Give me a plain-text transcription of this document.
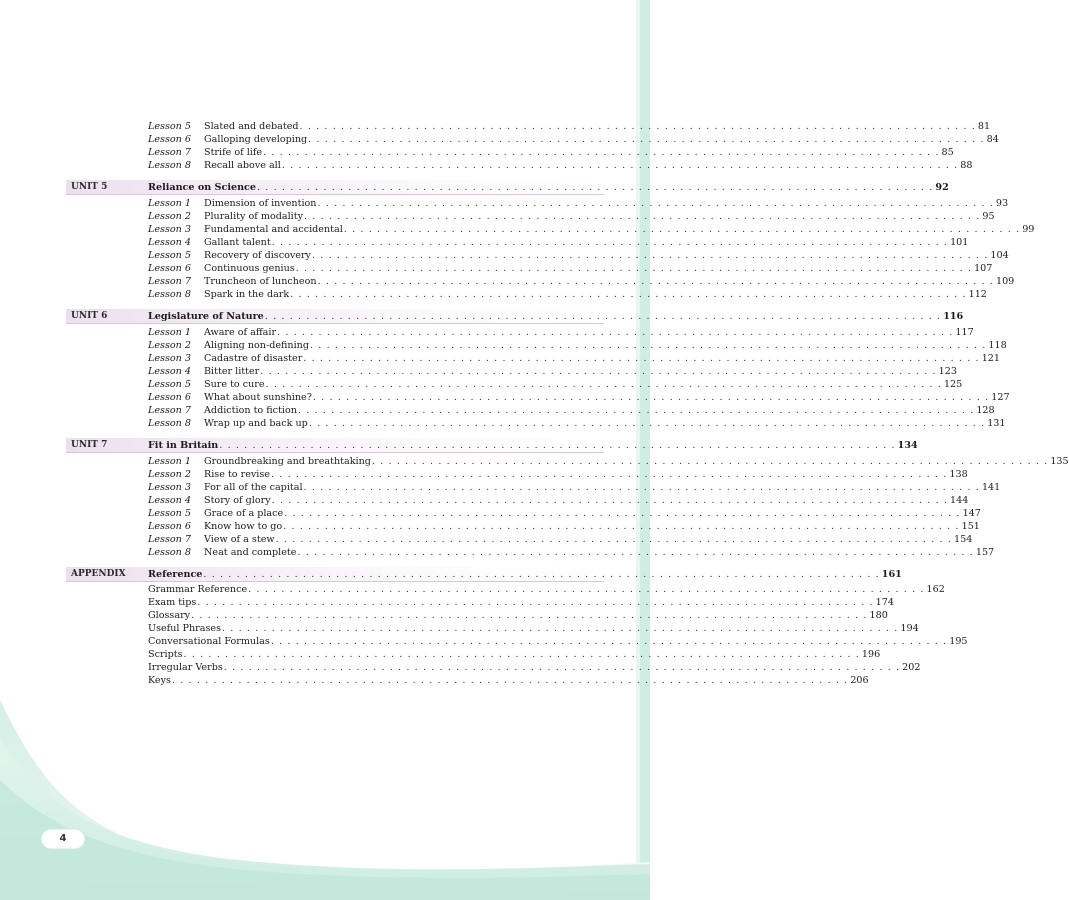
4
Lesson 5	Slated and debated . . . . . . . . . . . . . . . . . . . . . . . . . . . . . . . . . . . . . . . . . . . . . . . . . . . . . . . . . . . . . . . . . . . . . . . . . . . . . . . . . . 81
Lesson 6	Galloping developing . . . . . . . . . . . . . . . . . . . . . . . . . . . . . . . . . . . . . . . . . . . . . . . . . . . . . . . . . . . . . . . . . . . . . . . . . . . . . . . . . . 84
Lesson 7	Strife of life . . . . . . . . . . . . . . . . . . . . . . . . . . . . . . . . . . . . . . . . . . . . . . . . . . . . . . . . . . . . . . . . . . . . . . . . . . . . . . . . . . 85
Lesson 8	Recall above all . . . . . . . . . . . . . . . . . . . . . . . . . . . . . . . . . . . . . . . . . . . . . . . . . . . . . . . . . . . . . . . . . . . . . . . . . . . . . . . . . . 88
UNIT 5	Reliance on Science . . . . . . . . . . . . . . . . . . . . . . . . . . . . . . . . . . . . . . . . . . . . . . . . . . . . . . . . . . . . . . . . . . . . . . . . . . . . . . . . . . 92
Lesson 1	Dimension of invention . . . . . . . . . . . . . . . . . . . . . . . . . . . . . . . . . . . . . . . . . . . . . . . . . . . . . . . . . . . . . . . . . . . . . . . . . . . . . . . . . . 93
Lesson 2	Plurality of modality . . . . . . . . . . . . . . . . . . . . . . . . . . . . . . . . . . . . . . . . . . . . . . . . . . . . . . . . . . . . . . . . . . . . . . . . . . . . . . . . . . 95
Lesson 3	Fundamental and accidental . . . . . . . . . . . . . . . . . . . . . . . . . . . . . . . . . . . . . . . . . . . . . . . . . . . . . . . . . . . . . . . . . . . . . . . . . . . . . . . . . . 99
Lesson 4	Gallant talent . . . . . . . . . . . . . . . . . . . . . . . . . . . . . . . . . . . . . . . . . . . . . . . . . . . . . . . . . . . . . . . . . . . . . . . . . . . . . . . . . . 101
Lesson 5	Recovery of discovery . . . . . . . . . . . . . . . . . . . . . . . . . . . . . . . . . . . . . . . . . . . . . . . . . . . . . . . . . . . . . . . . . . . . . . . . . . . . . . . . . . 104
Lesson 6	Continuous genius . . . . . . . . . . . . . . . . . . . . . . . . . . . . . . . . . . . . . . . . . . . . . . . . . . . . . . . . . . . . . . . . . . . . . . . . . . . . . . . . . . 107
Lesson 7	Truncheon of luncheon . . . . . . . . . . . . . . . . . . . . . . . . . . . . . . . . . . . . . . . . . . . . . . . . . . . . . . . . . . . . . . . . . . . . . . . . . . . . . . . . . . 109
Lesson 8	Spark in the dark . . . . . . . . . . . . . . . . . . . . . . . . . . . . . . . . . . . . . . . . . . . . . . . . . . . . . . . . . . . . . . . . . . . . . . . . . . . . . . . . . . 112
UNIT 6	Legislature of Nature . . . . . . . . . . . . . . . . . . . . . . . . . . . . . . . . . . . . . . . . . . . . . . . . . . . . . . . . . . . . . . . . . . . . . . . . . . . . . . . . . . 116
Lesson 1	Aware of affair . . . . . . . . . . . . . . . . . . . . . . . . . . . . . . . . . . . . . . . . . . . . . . . . . . . . . . . . . . . . . . . . . . . . . . . . . . . . . . . . . . 117
Lesson 2	Aligning non-defining . . . . . . . . . . . . . . . . . . . . . . . . . . . . . . . . . . . . . . . . . . . . . . . . . . . . . . . . . . . . . . . . . . . . . . . . . . . . . . . . . . 118
Lesson 3	Cadastre of disaster . . . . . . . . . . . . . . . . . . . . . . . . . . . . . . . . . . . . . . . . . . . . . . . . . . . . . . . . . . . . . . . . . . . . . . . . . . . . . . . . . . 121
Lesson 4	Bitter litter . . . . . . . . . . . . . . . . . . . . . . . . . . . . . . . . . . . . . . . . . . . . . . . . . . . . . . . . . . . . . . . . . . . . . . . . . . . . . . . . . . 123
Lesson 5	Sure to cure . . . . . . . . . . . . . . . . . . . . . . . . . . . . . . . . . . . . . . . . . . . . . . . . . . . . . . . . . . . . . . . . . . . . . . . . . . . . . . . . . . 125
Lesson 6	What about sunshine? . . . . . . . . . . . . . . . . . . . . . . . . . . . . . . . . . . . . . . . . . . . . . . . . . . . . . . . . . . . . . . . . . . . . . . . . . . . . . . . . . . 127
Lesson 7	Addiction to fiction . . . . . . . . . . . . . . . . . . . . . . . . . . . . . . . . . . . . . . . . . . . . . . . . . . . . . . . . . . . . . . . . . . . . . . . . . . . . . . . . . . 128
Lesson 8	Wrap up and back up . . . . . . . . . . . . . . . . . . . . . . . . . . . . . . . . . . . . . . . . . . . . . . . . . . . . . . . . . . . . . . . . . . . . . . . . . . . . . . . . . . 131
UNIT 7	Fit in Britain . . . . . . . . . . . . . . . . . . . . . . . . . . . . . . . . . . . . . . . . . . . . . . . . . . . . . . . . . . . . . . . . . . . . . . . . . . . . . . . . . . 134
Lesson 1	Groundbreaking and breathtaking . . . . . . . . . . . . . . . . . . . . . . . . . . . . . . . . . . . . . . . . . . . . . . . . . . . . . . . . . . . . . . . . . . . . . . . . . . . . . . . . . . 135
Lesson 2	Rise to revise . . . . . . . . . . . . . . . . . . . . . . . . . . . . . . . . . . . . . . . . . . . . . . . . . . . . . . . . . . . . . . . . . . . . . . . . . . . . . . . . . . 138
Lesson 3	For all of the capital . . . . . . . . . . . . . . . . . . . . . . . . . . . . . . . . . . . . . . . . . . . . . . . . . . . . . . . . . . . . . . . . . . . . . . . . . . . . . . . . . . 141
Lesson 4	Story of glory . . . . . . . . . . . . . . . . . . . . . . . . . . . . . . . . . . . . . . . . . . . . . . . . . . . . . . . . . . . . . . . . . . . . . . . . . . . . . . . . . . 144
Lesson 5	Grace of a place . . . . . . . . . . . . . . . . . . . . . . . . . . . . . . . . . . . . . . . . . . . . . . . . . . . . . . . . . . . . . . . . . . . . . . . . . . . . . . . . . . 147
Lesson 6	Know how to go . . . . . . . . . . . . . . . . . . . . . . . . . . . . . . . . . . . . . . . . . . . . . . . . . . . . . . . . . . . . . . . . . . . . . . . . . . . . . . . . . . 151
Lesson 7	View of a stew . . . . . . . . . . . . . . . . . . . . . . . . . . . . . . . . . . . . . . . . . . . . . . . . . . . . . . . . . . . . . . . . . . . . . . . . . . . . . . . . . . 154
Lesson 8	Neat and complete . . . . . . . . . . . . . . . . . . . . . . . . . . . . . . . . . . . . . . . . . . . . . . . . . . . . . . . . . . . . . . . . . . . . . . . . . . . . . . . . . . 157
APPENDIX Reference . . . . . . . . . . . . . . . . . . . . . . . . . . . . . . . . . . . . . . . . . . . . . . . . . . . . . . . . . . . . . . . . . . . . . . . . . . . . . . . . . . 161
Grammar Reference . . . . . . . . . . . . . . . . . . . . . . . . . . . . . . . . . . . . . . . . . . . . . . . . . . . . . . . . . . . . . . . . . . . . . . . . . . . . . . . . . . 162
Exam tips . . . . . . . . . . . . . . . . . . . . . . . . . . . . . . . . . . . . . . . . . . . . . . . . . . . . . . . . . . . . . . . . . . . . . . . . . . . . . . . . . . 174
Glossary . . . . . . . . . . . . . . . . . . . . . . . . . . . . . . . . . . . . . . . . . . . . . . . . . . . . . . . . . . . . . . . . . . . . . . . . . . . . . . . . . . 180
Useful Phrases . . . . . . . . . . . . . . . . . . . . . . . . . . . . . . . . . . . . . . . . . . . . . . . . . . . . . . . . . . . . . . . . . . . . . . . . . . . . . . . . . . 194
Conversational Formulas . . . . . . . . . . . . . . . . . . . . . . . . . . . . . . . . . . . . . . . . . . . . . . . . . . . . . . . . . . . . . . . . . . . . . . . . . . . . . . . . . . 195
Scripts . . . . . . . . . . . . . . . . . . . . . . . . . . . . . . . . . . . . . . . . . . . . . . . . . . . . . . . . . . . . . . . . . . . . . . . . . . . . . . . . . . 196
Irregular Verbs . . . . . . . . . . . . . . . . . . . . . . . . . . . . . . . . . . . . . . . . . . . . . . . . . . . . . . . . . . . . . . . . . . . . . . . . . . . . . . . . . . 202
Keys . . . . . . . . . . . . . . . . . . . . . . . . . . . . . . . . . . . . . . . . . . . . . . . . . . . . . . . . . . . . . . . . . . . . . . . . . . . . . . . . . . 206
